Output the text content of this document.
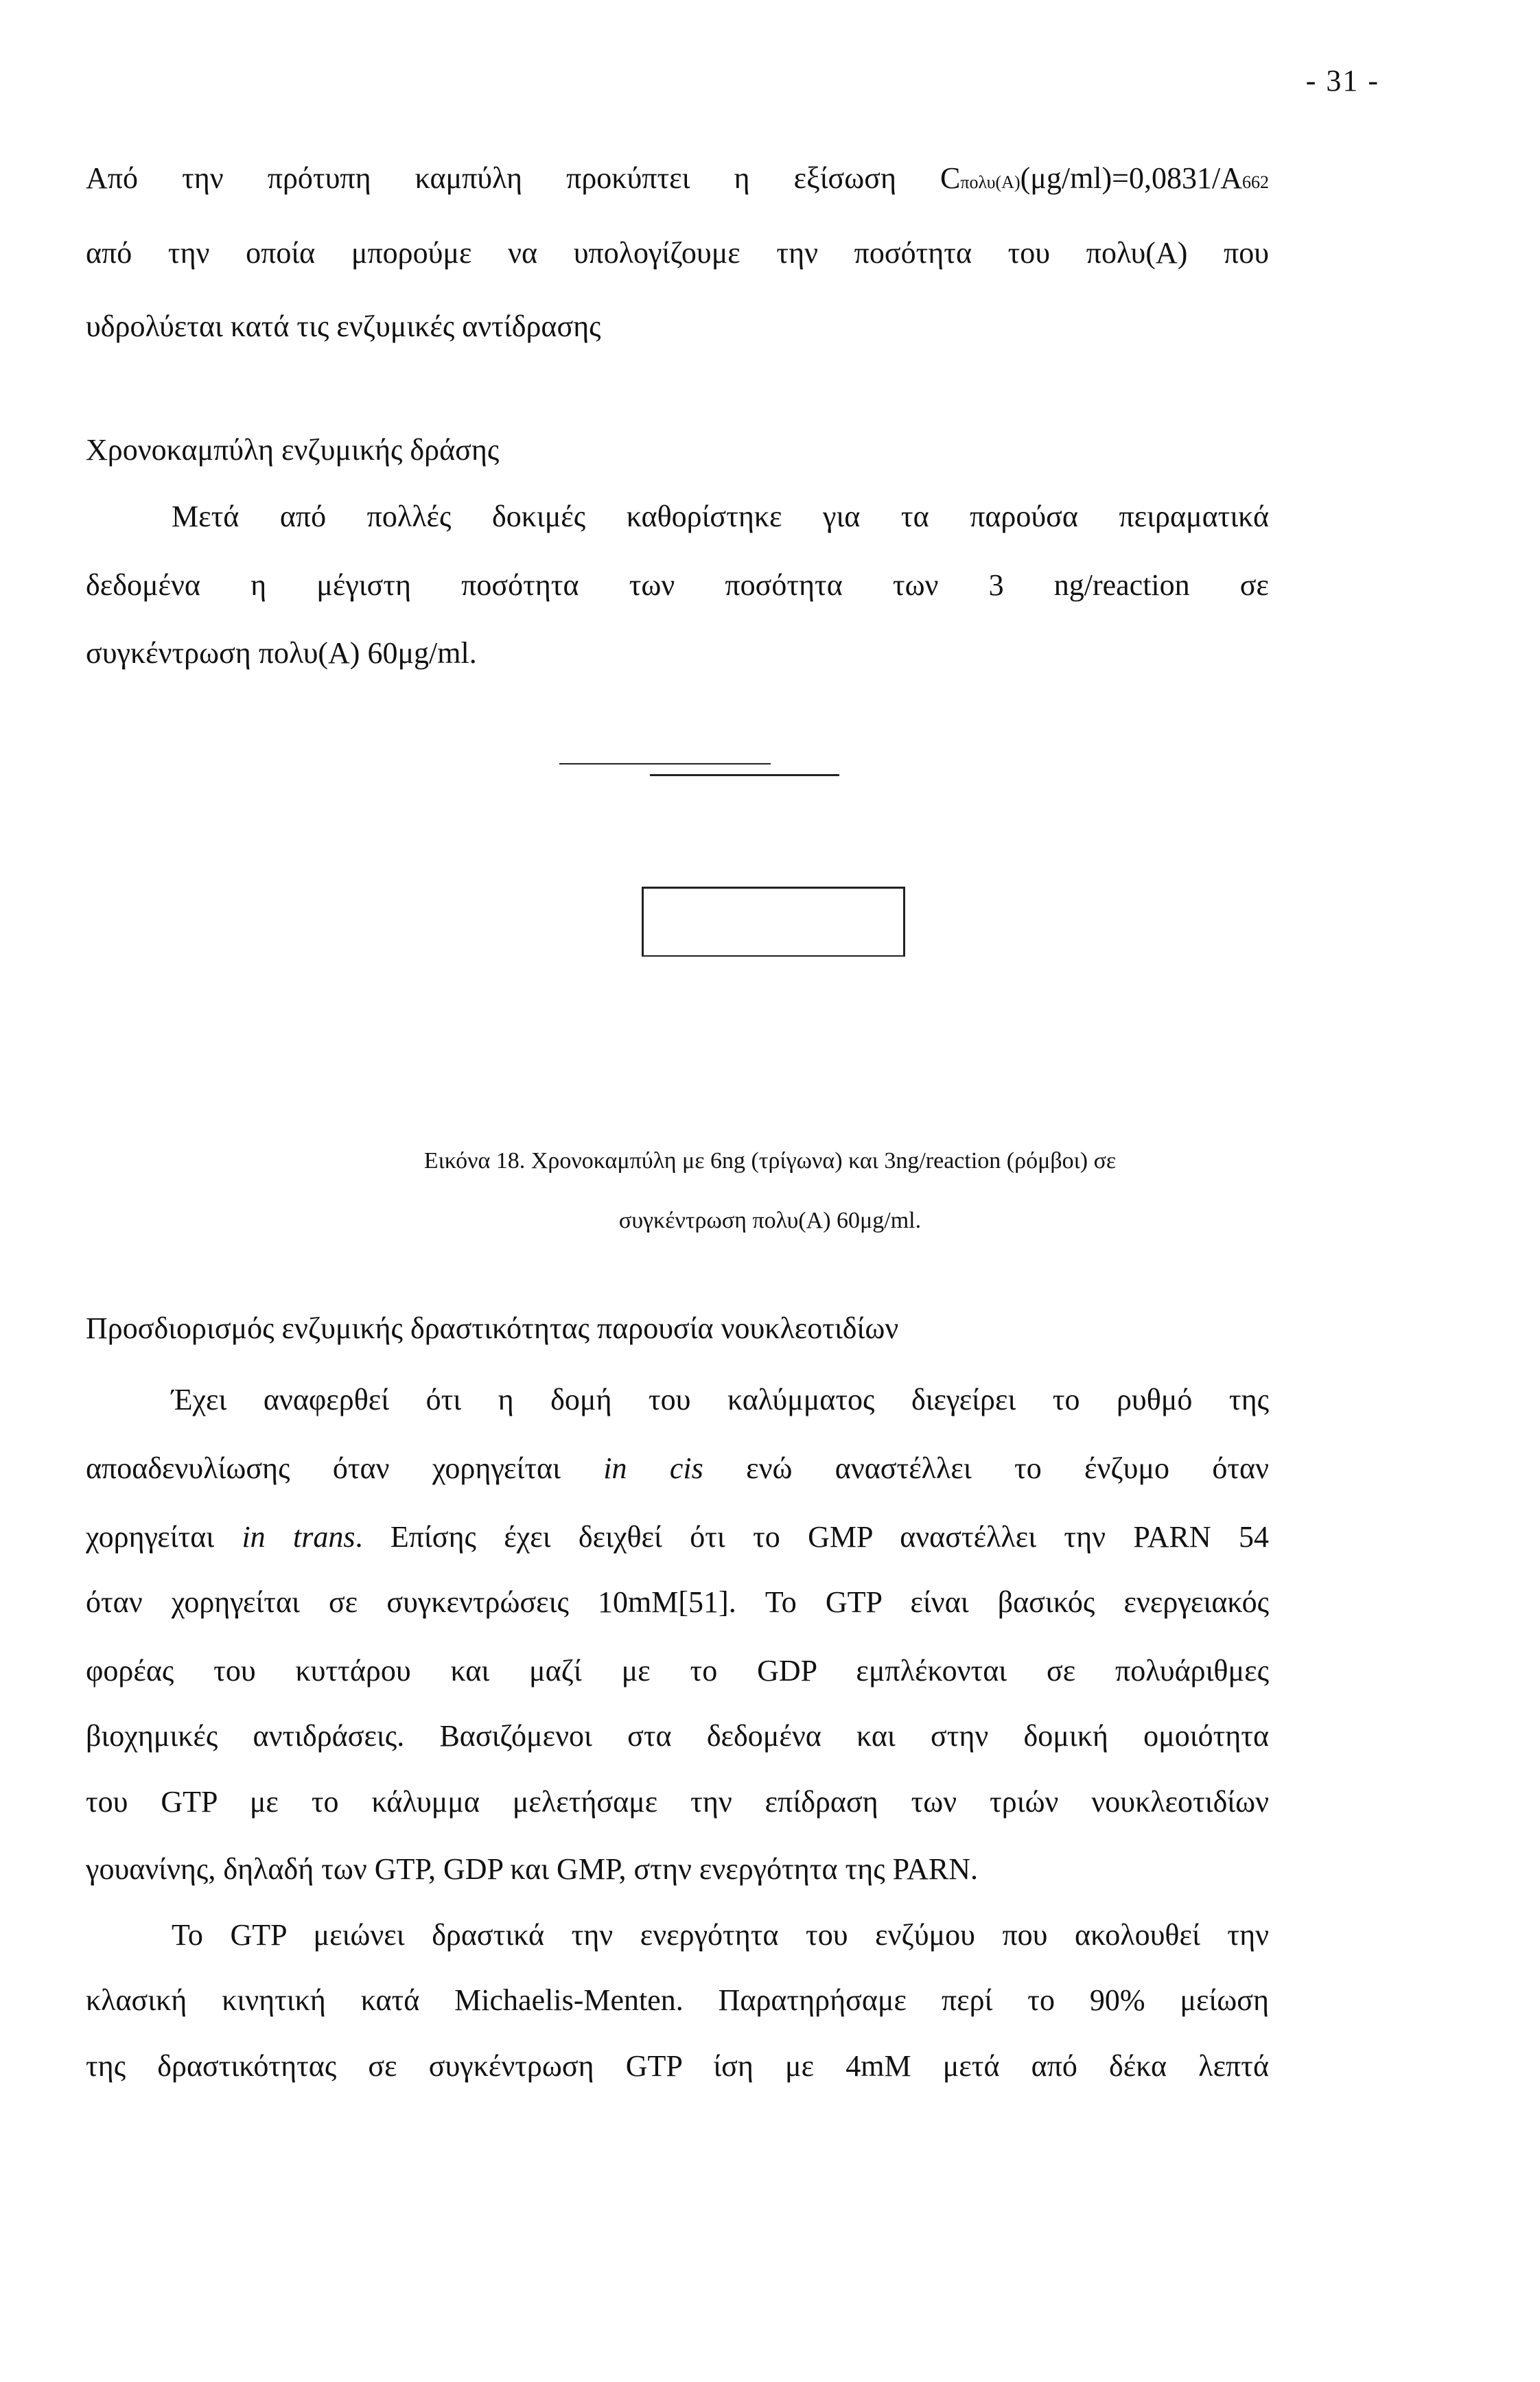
- 31 -
Από την πρότυπη καμπύλη προκύπτει η εξίσωση Cπολυ(Α)(μg/ml)=0,0831/A662
από την οποία μπορούμε να υπολογίζουμε την ποσότητα του πολυ(Α) που
υδρολύεται κατά τις ενζυμικές αντίδρασης
Χρονοκαμπύλη ενζυμικής δράσης
Μετά από πολλές δοκιμές καθορίστηκε για τα παρούσα πειραματικά
δεδομένα η μέγιστη ποσότητα των ποσότητα των 3 ng/reaction σε
συγκέντρωση πολυ(Α) 60μg/ml.
Εικόνα 18. Χρονοκαμπύλη με 6ng (τρίγωνα) και 3ng/reaction (ρόμβοι) σε
συγκέντρωση πολυ(Α) 60μg/ml.
Προσδιορισμός ενζυμικής δραστικότητας παρουσία νουκλεοτιδίων
Έχει αναφερθεί ότι η δομή του καλύμματος διεγείρει το ρυθμό της
αποαδενυλίωσης όταν χορηγείται in cis ενώ αναστέλλει το ένζυμο όταν
χορηγείται in trans. Επίσης έχει δειχθεί ότι το GMP αναστέλλει την PARN 54
όταν χορηγείται σε συγκεντρώσεις 10mM[51]. Το GTP είναι βασικός ενεργειακός
φορέας του κυττάρου και μαζί με το GDP εμπλέκονται σε πολυάριθμες
βιοχημικές αντιδράσεις. Βασιζόμενοι στα δεδομένα και στην δομική ομοιότητα
του GTP με το κάλυμμα μελετήσαμε την επίδραση των τριών νουκλεοτιδίων
γουανίνης, δηλαδή των GTP, GDP και GMP, στην ενεργότητα της PARN.
Το GTP μειώνει δραστικά την ενεργότητα του ενζύμου που ακολουθεί την
κλασική κινητική κατά Michaelis-Menten. Παρατηρήσαμε περί το 90% μείωση
της δραστικότητας σε συγκέντρωση GTP ίση με 4mM μετά από δέκα λεπτά
